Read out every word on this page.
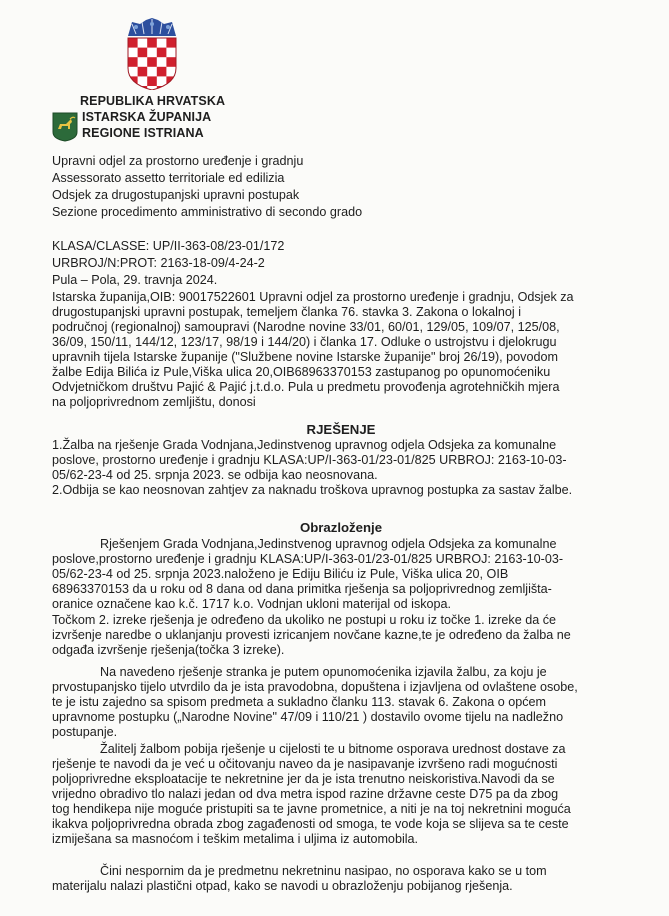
REPUBLIKA HRVATSKA
ISTARSKA ŽUPANIJA
REGIONE ISTRIANA
Upravni odjel za prostorno uređenje i gradnju
Assessorato assetto territoriale ed edilizia
Odsjek za drugostupanjski upravni postupak
Sezione procedimento amministrativo di secondo grado
KLASA/CLASSE: UP/II-363-08/23-01/172
URBROJ/N:PROT: 2163-18-09/4-24-2
Pula – Pola, 29. travnja 2024.
Istarska županija,OIB: 90017522601 Upravni odjel za prostorno uređenje i gradnju, Odsjek za
drugostupanjski upravni postupak, temeljem članka 76. stavka 3. Zakona o lokalnoj i
područnoj (regionalnoj) samoupravi (Narodne novine 33/01, 60/01, 129/05, 109/07, 125/08,
36/09, 150/11, 144/12, 123/17, 98/19 i 144/20) i članka 17. Odluke o ustrojstvu i djelokrugu
upravnih tijela Istarske županije ("Službene novine Istarske županije" broj 26/19), povodom
žalbe Edija Bilića iz Pule,Viška ulica 20,OIB68963370153 zastupanog po opunomoćeniku
Odvjetničkom društvu Pajić & Pajić j.t.d.o. Pula u predmetu provođenja agrotehničkih mjera
na poljoprivrednom zemljištu, donosi
RJEŠENJE
1.Žalba na rješenje Grada Vodnjana,Jedinstvenog upravnog odjela Odsjeka za komunalne
poslove, prostorno uređenje i gradnju KLASA:UP/I-363-01/23-01/825 URBROJ: 2163-10-03-
05/62-23-4 od 25. srpnja 2023. se odbija kao neosnovana.
2.Odbija se kao neosnovan zahtjev za naknadu troškova upravnog postupka za sastav žalbe.
Obrazloženje
Rješenjem Grada Vodnjana,Jedinstvenog upravnog odjela Odsjeka za komunalne
poslove,prostorno uređenje i gradnju KLASA:UP/I-363-01/23-01/825 URBROJ: 2163-10-03-
05/62-23-4 od 25. srpnja 2023.naloženo je Ediju Biliću iz Pule, Viška ulica 20, OIB
68963370153 da u roku od 8 dana od dana primitka rješenja sa poljoprivrednog zemljišta-
oranice označene kao k.č. 1717 k.o. Vodnjan ukloni materijal od iskopa.
Točkom 2. izreke rješenja je određeno da ukoliko ne postupi u roku iz točke 1. izreke da će
izvršenje naredbe o uklanjanju provesti izricanjem novčane kazne,te je određeno da žalba ne
odgađa izvršenje rješenja(točka 3 izreke).
Na navedeno rješenje stranka je putem opunomoćenika izjavila žalbu, za koju je
prvostupanjsko tijelo utvrdilo da je ista pravodobna, dopuštena i izjavljena od ovlaštene osobe,
te je istu zajedno sa spisom predmeta a sukladno članku 113. stavak 6. Zakona o općem
upravnome postupku („Narodne Novine" 47/09 i 110/21 ) dostavilo ovome tijelu na nadležno
postupanje.
Žalitelj žalbom pobija rješenje u cijelosti te u bitnome osporava urednost dostave za
rješenje te navodi da je već u očitovanju naveo da je nasipavanje izvršeno radi mogućnosti
poljoprivredne eksploatacije te nekretnine jer da je ista trenutno neiskoristiva.Navodi da se
vrijedno obradivo tlo nalazi jedan od dva metra ispod razine državne ceste D75 pa da zbog
tog hendikepa nije moguće pristupiti sa te javne prometnice, a niti je na toj nekretnini moguća
ikakva poljoprivredna obrada zbog zagađenosti od smoga, te vode koja se slijeva sa te ceste
izmiješana sa masnoćom i teškim metalima i uljima iz automobila.
Čini nespornim da je predmetnu nekretninu nasipao, no osporava kako se u tom
materijalu nalazi plastični otpad, kako se navodi u obrazloženju pobijanog rješenja.
